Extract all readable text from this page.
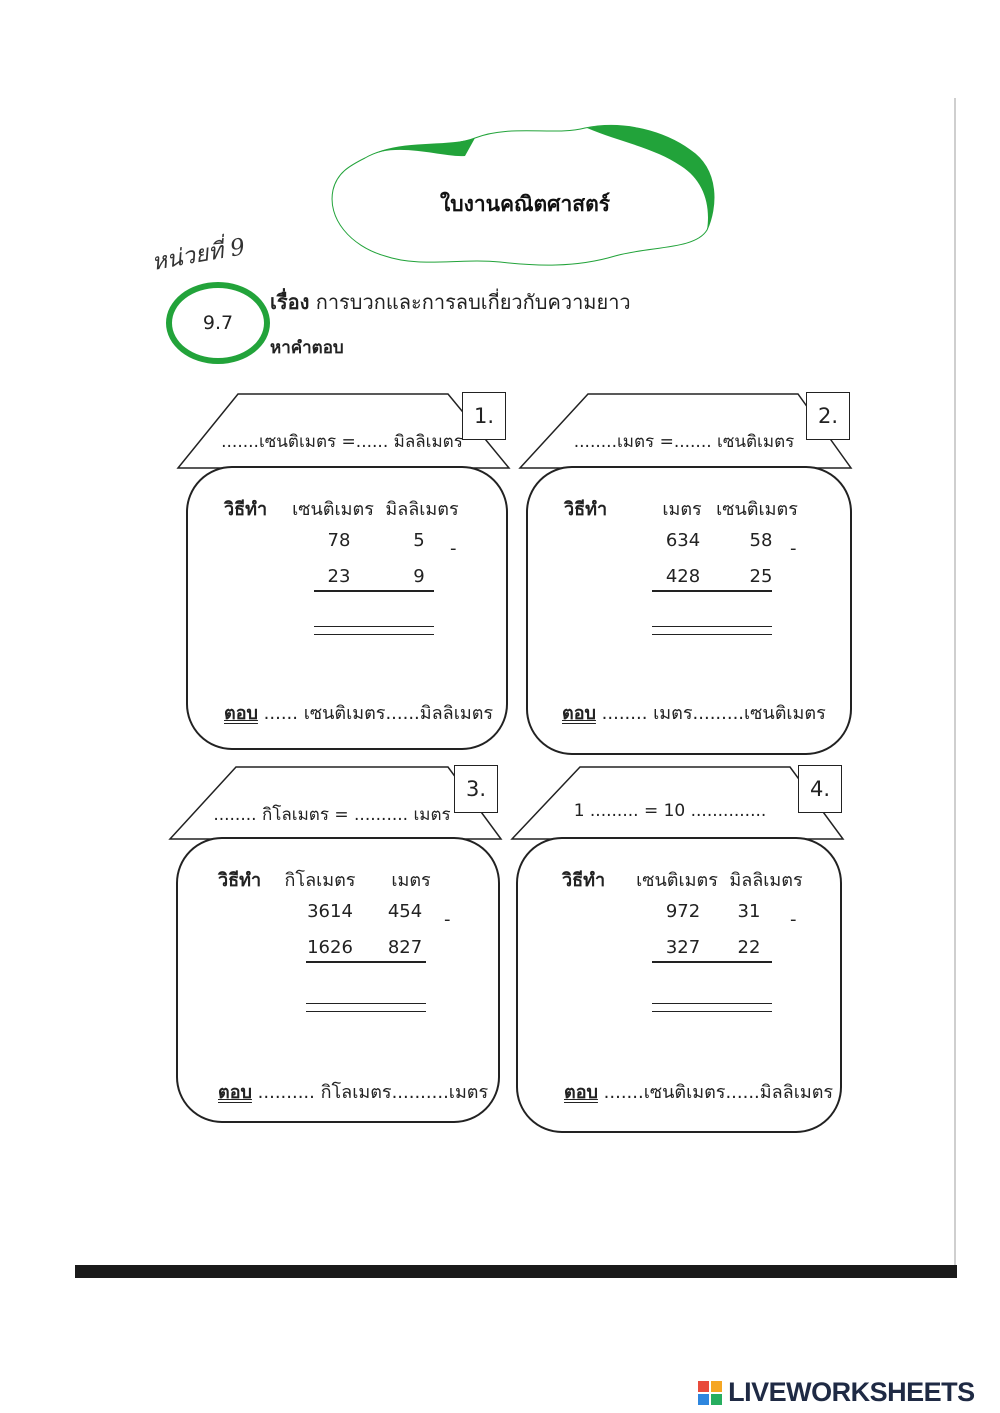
ใบงานคณิตศาสตร์
หน่วยที่ 9
9.7
เรื่อง การบวกและการลบเกี่ยวกับความยาว
หาคำตอบ
1.
.......เซนติเมตร =...... มิลลิเมตร
วิธีทำ เซนติเมตร มิลลิเมตร
78	5	-
23	9
ตอบ ...... เซนติเมตร......มิลลิเมตร
2.
........เมตร =....... เซนติเมตร
วิธีทำ	เมตร เซนติเมตร
634	58 -
428	25
ตอบ ........ เมตร.........เซนติเมตร
3.
........ กิโลเมตร = .......... เมตร
วิธีทำ	กิโลเมตร	เมตร
3614	454	-
1626	827
ตอบ .......... กิโลเมตร..........เมตร
4.
1 ......... = 10 ..............
วิธีทำ เซนติเมตร มิลลิเมตร
972	31	-
327	22
ตอบ .......เซนติเมตร......มิลลิเมตร
LIVEWORKSHEETS
